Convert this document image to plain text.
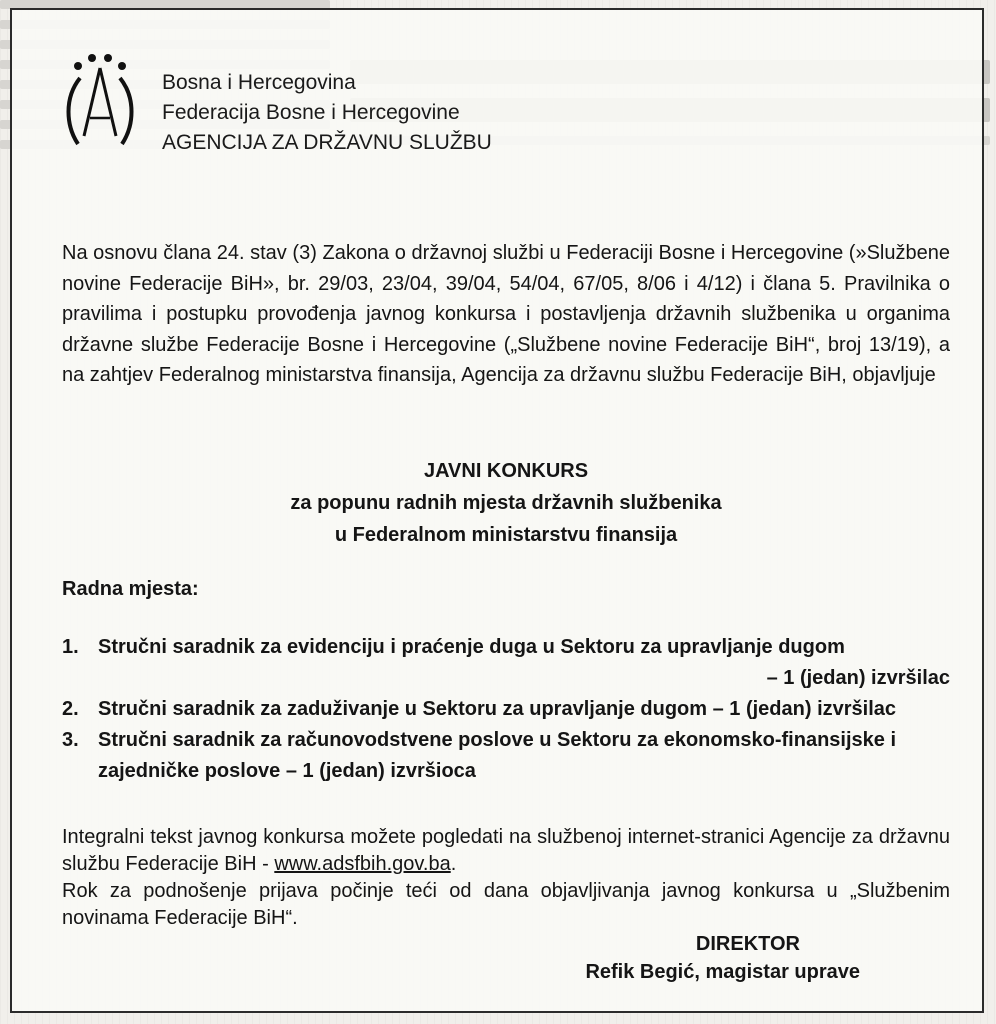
Bosna i Hercegovina
Federacija Bosne i Hercegovine
AGENCIJA ZA DRŽAVNU SLUŽBU
Na osnovu člana 24. stav (3) Zakona o državnoj službi u Federaciji Bosne i Hercegovine (»Službene novine Federacije BiH», br. 29/03, 23/04, 39/04, 54/04, 67/05, 8/06 i 4/12) i člana 5. Pravilnika o pravilima i postupku provođenja javnog konkursa i postavljenja državnih službenika u organima državne službe Federacije Bosne i Hercegovine („Službene novine Federacije BiH“, broj 13/19), a na zahtjev Federalnog ministarstva finansija, Agencija za državnu službu Federacije BiH, objavljuje
JAVNI KONKURS
za popunu radnih mjesta državnih službenika
u Federalnom ministarstvu finansija
Radna mjesta:
1. Stručni saradnik za evidenciju i praćenje duga u Sektoru za upravljanje dugom
– 1 (jedan) izvršilac
2. Stručni saradnik za zaduživanje u Sektoru za upravljanje dugom – 1 (jedan) izvršilac
3. Stručni saradnik za računovodstvene poslove u Sektoru za ekonomsko-finansijske i zajedničke poslove – 1 (jedan) izvršioca
Integralni tekst javnog konkursa možete pogledati na službenoj internet-stranici Agencije za državnu službu Federacije BiH - www.adsfbih.gov.ba.
Rok za podnošenje prijava počinje teći od dana objavljivanja javnog konkursa u „Službenim novinama Federacije BiH“.
DIREKTOR
Refik Begić, magistar uprave
